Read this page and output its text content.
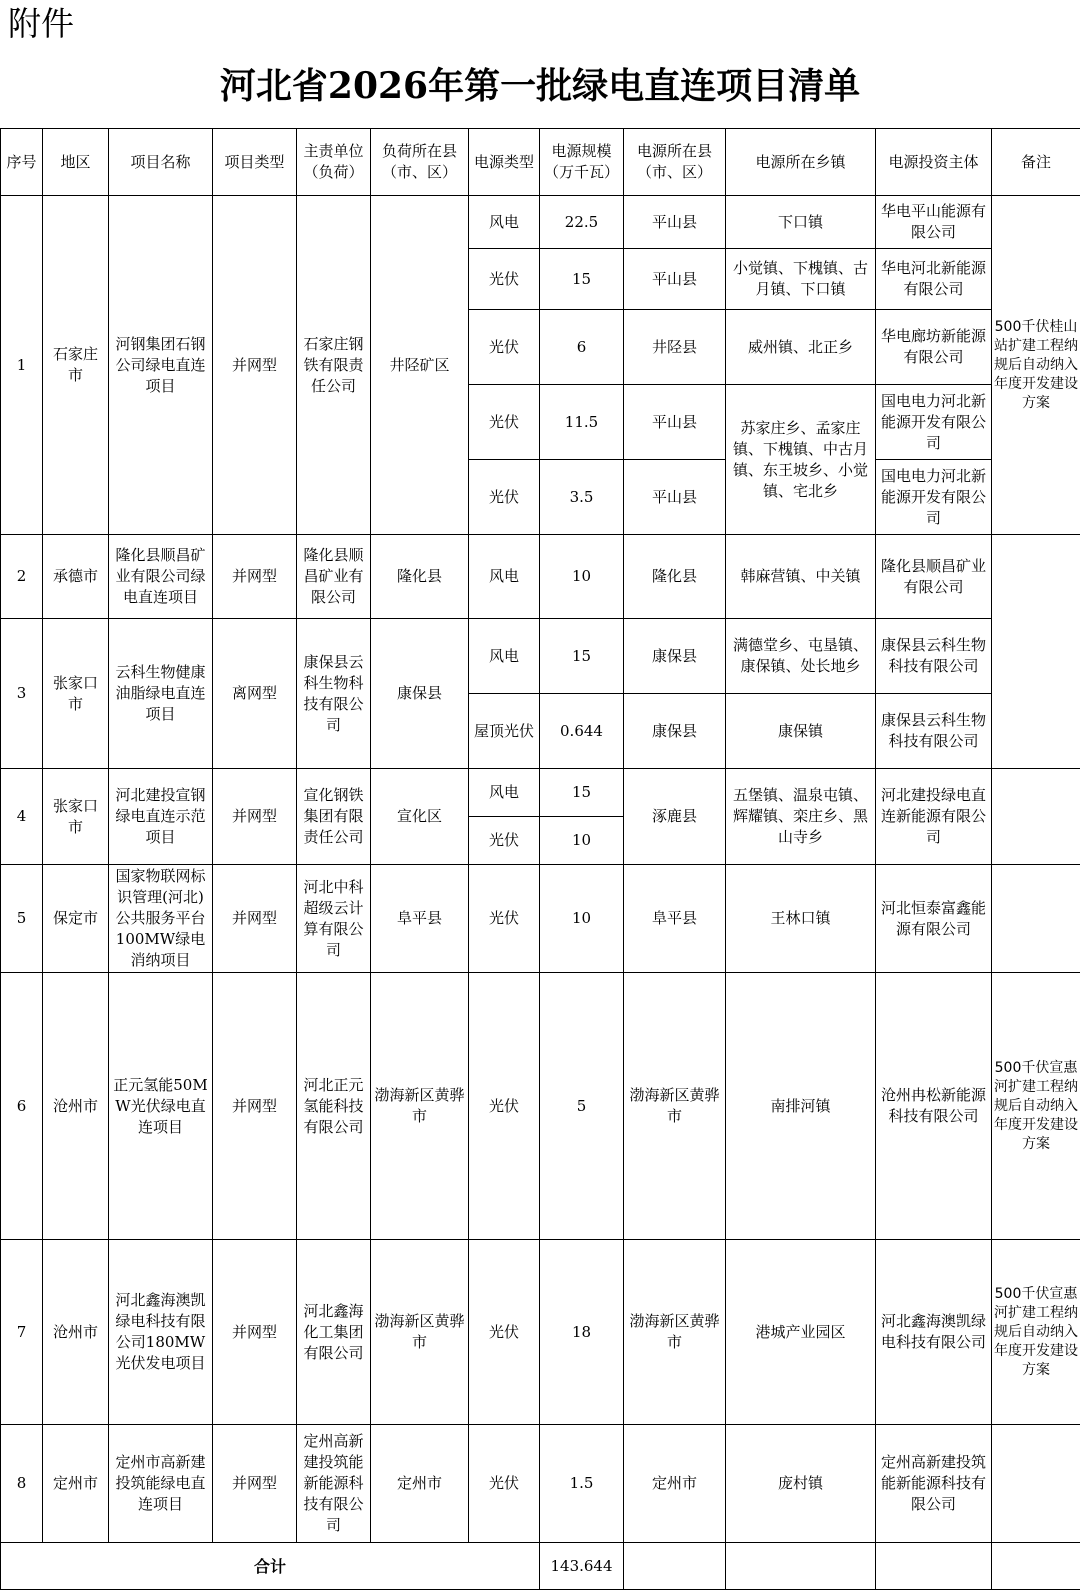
附件
河北省2026年第一批绿电直连项目清单
序号	地区	项目名称	项目类型	主责单位（负荷）	负荷所在县（市、区）	电源类型	电源规模（万千瓦）	电源所在县（市、区）	电源所在乡镇	电源投资主体	备注
1	石家庄市	河钢集团石钢公司绿电直连项目	并网型	石家庄钢铁有限责任公司	井陉矿区	风电	22.5	平山县	下口镇	华电平山能源有限公司	500千伏桂山站扩建工程纳规后自动纳入年度开发建设方案
						光伏	15	平山县	小觉镇、下槐镇、古月镇、下口镇	华电河北新能源有限公司	
						光伏	6	井陉县	威州镇、北正乡	华电廊坊新能源有限公司	
						光伏	11.5	平山县	苏家庄乡、孟家庄镇、下槐镇、中古月镇、东王坡乡、小觉镇、宅北乡	国电电力河北新能源开发有限公司	
						光伏	3.5	平山县		国电电力河北新能源开发有限公司	
2	承德市	隆化县顺昌矿业有限公司绿电直连项目	并网型	隆化县顺昌矿业有限公司	隆化县	风电	10	隆化县	韩麻营镇、中关镇	隆化县顺昌矿业有限公司	
3	张家口市	云科生物健康油脂绿电直连项目	离网型	康保县云科生物科技有限公司	康保县	风电	15	康保县	满德堂乡、屯垦镇、康保镇、处长地乡	康保县云科生物科技有限公司	
						屋顶光伏	0.644	康保县	康保镇	康保县云科生物科技有限公司	
4	张家口市	河北建投宣钢绿电直连示范项目	并网型	宣化钢铁集团有限责任公司	宣化区	风电	15	涿鹿县	五堡镇、温泉屯镇、辉耀镇、栾庄乡、黑山寺乡	河北建投绿电直连新能源有限公司	
						光伏	10				
5	保定市	国家物联网标识管理(河北)公共服务平台100MW绿电消纳项目	并网型	河北中科超级云计算有限公司	阜平县	光伏	10	阜平县	王林口镇	河北恒泰富鑫能源有限公司	
6	沧州市	正元氢能50MW光伏绿电直连项目	并网型	河北正元氢能科技有限公司	渤海新区黄骅市	光伏	5	渤海新区黄骅市	南排河镇	沧州冉松新能源科技有限公司	500千伏宣惠河扩建工程纳规后自动纳入年度开发建设方案
7	沧州市	河北鑫海澳凯绿电科技有限公司180MW光伏发电项目	并网型	河北鑫海化工集团有限公司	渤海新区黄骅市	光伏	18	渤海新区黄骅市	港城产业园区	河北鑫海澳凯绿电科技有限公司	500千伏宣惠河扩建工程纳规后自动纳入年度开发建设方案
8	定州市	定州市高新建投筑能绿电直连项目	并网型	定州高新建投筑能新能源科技有限公司	定州市	光伏	1.5	定州市	庞村镇	定州高新建投筑能新能源科技有限公司	
合计							143.644				
